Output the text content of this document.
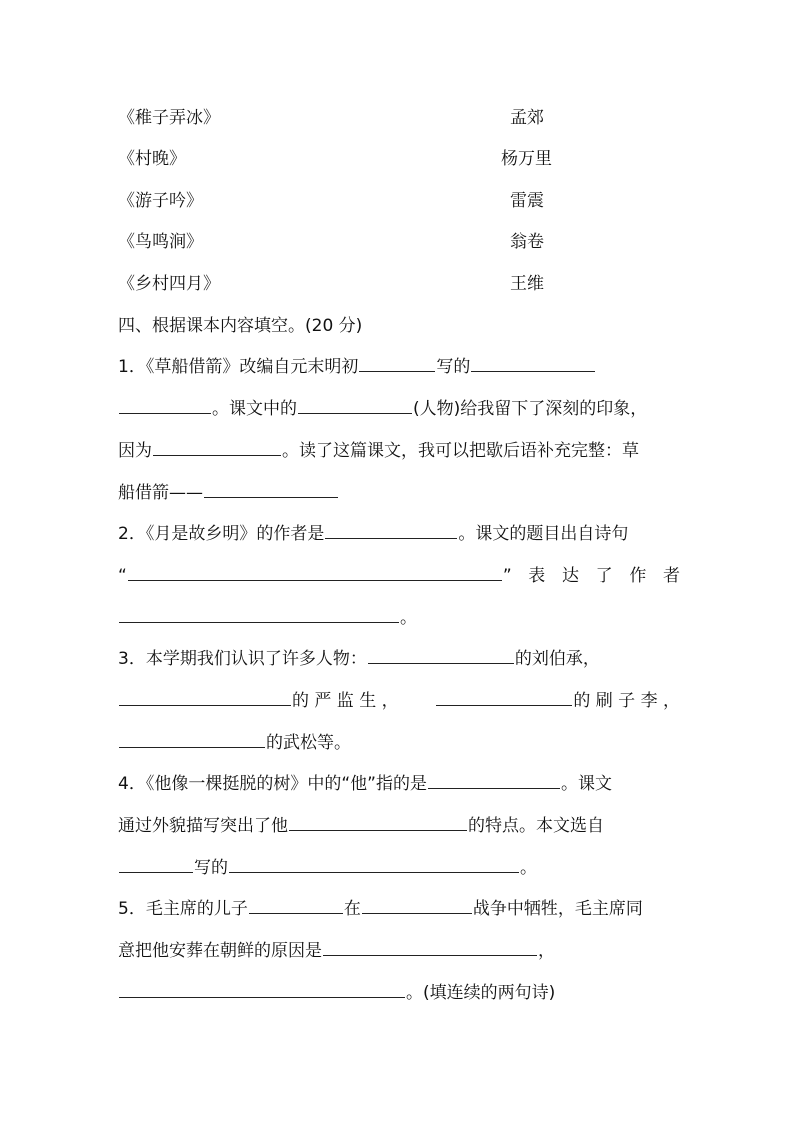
《稚子弄冰》	孟郊
《村晚》	杨万里
《游子吟》	雷震
《鸟鸣涧》	翁卷
《乡村四月》	王维
四、根据课本内容填空。(20 分)
1．《草船借箭》改编自元末明初	写的
。课文中的	(人物)给我留下了深刻的印象，
因为	。读了这篇课文，我可以把歇后语补充完整：草
船借箭——
2．《月是故乡明》的作者是	。课文的题目出自诗句
“	” 表 达 了 作 者
。
3．本学期我们认识了许多人物：	的刘伯承，
的 严 监 生 ，	的 刷 子 李 ，
的武松等。
4．《他像一棵挺脱的树》中的“他”指的是	。课文
通过外貌描写突出了他	的特点。本文选自
写的	。
5．毛主席的儿子	在	战争中牺牲，毛主席同
意把他安葬在朝鲜的原因是	，
。(填连续的两句诗)
